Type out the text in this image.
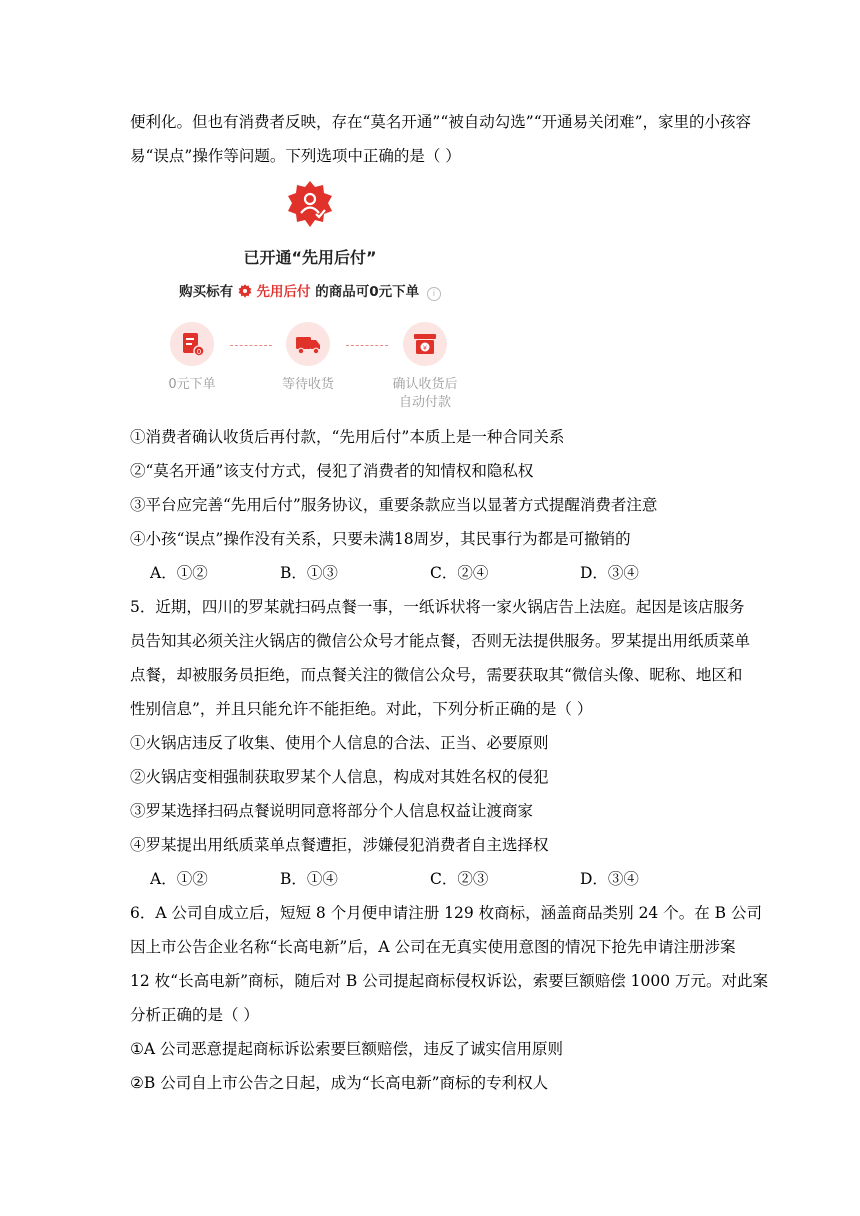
便利化。但也有消费者反映，存在“莫名开通”“被自动勾选”“开通易关闭难”，家里的小孩容
易“误点”操作等问题。下列选项中正确的是（ ）
已开通“先用后付”
购买标有 先用后付 的商品可0元下单 i
0	¥
0元下单	等待收货	确认收货后
自动付款
①消费者确认收货后再付款，“先用后付”本质上是一种合同关系
②“莫名开通”该支付方式，侵犯了消费者的知情权和隐私权
③平台应完善“先用后付”服务协议，重要条款应当以显著方式提醒消费者注意
④小孩“误点”操作没有关系，只要未满18周岁，其民事行为都是可撤销的
A．①②	B．①③	C．②④	D．③④
5．近期，四川的罗某就扫码点餐一事，一纸诉状将一家火锅店告上法庭。起因是该店服务
员告知其必须关注火锅店的微信公众号才能点餐，否则无法提供服务。罗某提出用纸质菜单
点餐，却被服务员拒绝，而点餐关注的微信公众号，需要获取其“微信头像、昵称、地区和
性别信息”，并且只能允许不能拒绝。对此，下列分析正确的是（ ）
①火锅店违反了收集、使用个人信息的合法、正当、必要原则
②火锅店变相强制获取罗某个人信息，构成对其姓名权的侵犯
③罗某选择扫码点餐说明同意将部分个人信息权益让渡商家
④罗某提出用纸质菜单点餐遭拒，涉嫌侵犯消费者自主选择权
A．①②	B．①④	C．②③	D．③④
6．A 公司自成立后，短短 8 个月便申请注册 129 枚商标，涵盖商品类别 24 个。在 B 公司
因上市公告企业名称“长高电新”后，A 公司在无真实使用意图的情况下抢先申请注册涉案
12 枚“长高电新”商标，随后对 B 公司提起商标侵权诉讼，索要巨额赔偿 1000 万元。对此案
分析正确的是（ ）
①A 公司恶意提起商标诉讼索要巨额赔偿，违反了诚实信用原则
②B 公司自上市公告之日起，成为“长高电新”商标的专利权人
